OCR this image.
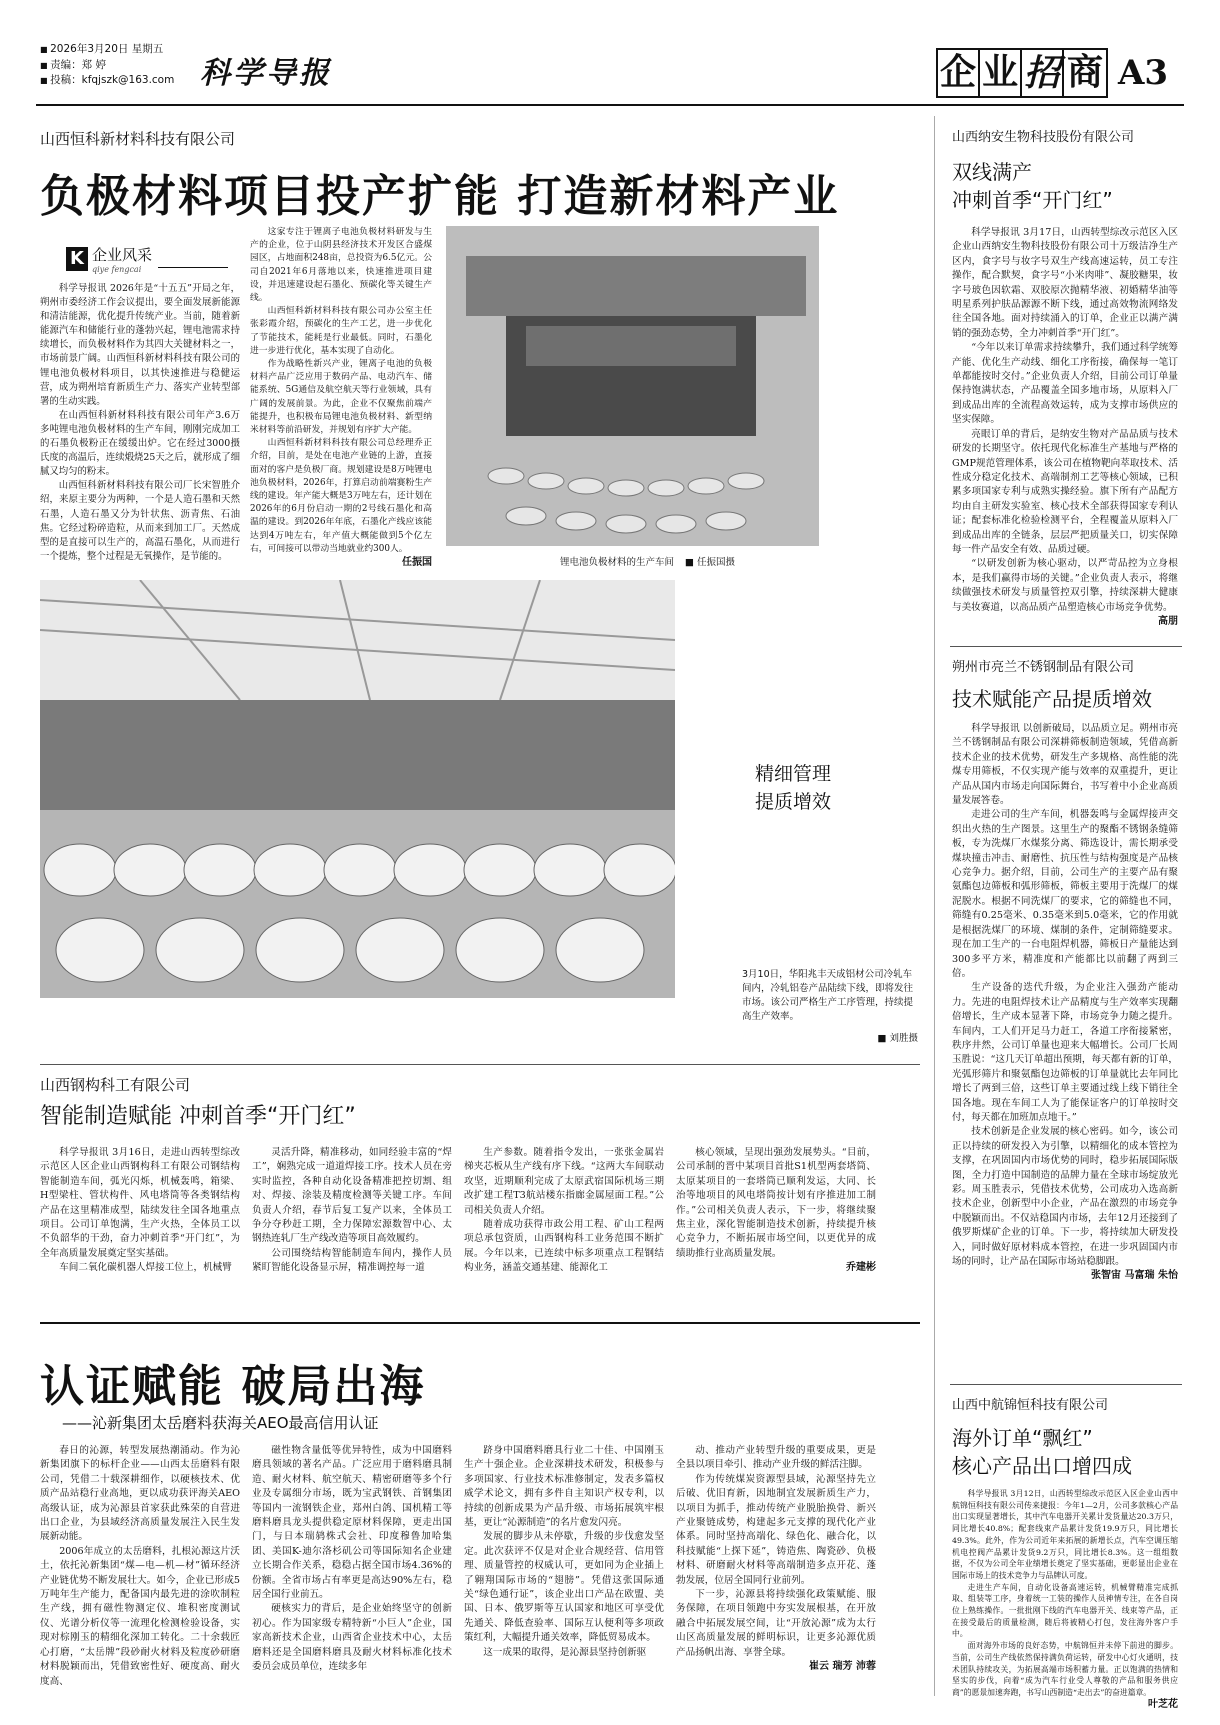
■ 2026年3月20日 星期五
■ 责编：郑 婷
■ 投稿：kfqjszk@163.com 科学导报	企 业 招 商 A3
山西恒科新材料科技有限公司
负极材料项目投产扩能 打造新材料产业
K 企业风采
qiye fengcai

科学导报讯 2026年是“十五五”开局之年，朔州市委经济工作会议提出，要全面发展新能源和清洁能源，优化提升传统产业。当前，随着新能源汽车和储能行业的蓬勃兴起，锂电池需求持续增长，而负极材料作为其四大关键材料之一，市场前景广阔。山西恒科新材料科技有限公司的锂电池负极材料项目，以其快速推进与稳健运营，成为朔州培育新质生产力、落实产业转型部署的生动实践。

在山西恒科新材料科技有限公司年产3.6万多吨锂电池负极材料的生产车间，刚刚完成加工的石墨负极粉正在缓缓出炉。它在经过3000摄氏度的高温后，连续煅烧25天之后，就形成了细腻又均匀的粉末。

山西恒科新材料科技有限公司厂长宋智胜介绍，来原主要分为两种，一个是人造石墨和天然石墨，人造石墨又分为针状焦、沥青焦、石油焦。它经过粉碎造粒，从而来到加工厂。天然成型的是直接可以生产的，高温石墨化，从而进行一个提炼，整个过程是无氧操作，是节能的。

这家专注于锂离子电池负极材料研发与生产的企业，位于山阴县经济技术开发区合盛煤园区，占地面积248亩，总投资为6.5亿元。公司自2021年6月落地以来，快速推进项目建设，并迅速建设起石墨化、预碳化等关键生产线。

山西恒科新材料科技有限公司办公室主任张彩霞介绍，预碳化的生产工艺，进一步优化了节能技术，能耗是行业最低。同时，石墨化进一步进行优化，基本实现了自动化。

作为战略性新兴产业，锂离子电池的负极材料产品广泛应用于数码产品、电动汽车、储能系统、5G通信及航空航天等行业领域，具有广阔的发展前景。为此，企业不仅聚焦前端产能提升，也积极布局锂电池负极材料、新型纳米材料等前沿研发，并规划有序扩大产能。

山西恒科新材料科技有限公司总经理乔正介绍，目前，是处在电池产业链的上游，直接面对的客户是负极厂商。规划建设是8万吨锂电池负极材料，2026年，打算启动前端赛粉生产线的建设。年产能大概是3万吨左右，还计划在2026年的6月份启动一期的2号线石墨化和高温的建设。到2026年年底，石墨化产线应该能达到4万吨左右，年产值大概能做到5个亿左右，可间接可以带动当地就业约300人。

任振国	锂电池负极材料的生产车间 ■ 任振国摄
精细管理
提质增效
3月10日，华阳兆丰天成铝材公司冷轧车间内，冷轧铝卷产品陆续下线，即将发往市场。该公司严格生产工序管理，持续提高生产效率。
■ 刘胜摄
山西钢构科工有限公司
智能制造赋能 冲刺首季“开门红”

科学导报讯 3月16日，走进山西转型综改示范区人区企业山西钢构科工有限公司钢结构智能制造车间，弧光闪烁，机械轰鸣，箱梁、H型梁柱、管状构件、风电塔筒等各类钢结构产品在这里精准成型，陆续发往全国各地重点项目。公司订单饱满，生产火热，全体员工以不负韶华的干劲，奋力冲刺首季“开门红”，为全年高质量发展奠定坚实基础。

车间二氧化碳机器人焊接工位上，机械臂

灵活升降，精准移动，如同经验丰富的“焊工”，娴熟完成一道道焊接工序。技术人员在旁实时监控，各种自动化设备精准把控切割、组对、焊接、涂装及精度检测等关键工序。车间负责人介绍，春节后复工复产以来，全体员工争分夺秒赶工期，全力保障宏源数智中心、太钢热连轧厂生产线改造等项目高效履约。

公司围绕结构智能制造车间内，操作人员紧盯智能化设备显示屏，精准调控每一道

生产参数。随着指令发出，一张张金属岩梯夹芯板从生产线有序下线。“这两大车间联动攻坚，近期顺利完成了太原武宿国际机场三期改扩建工程T3航站楼东指廊金属屋面工程。”公司相关负责人介绍。

随着成功获得市政公用工程、矿山工程两项总承包资质，山西钢构科工业务范围不断扩展。今年以来，已连续中标多项重点工程钢结构业务，涵盖交通基建、能源化工

核心领域，呈现出强劲发展势头。“目前，公司承制的晋中某项目首批S1机型两套塔筒、太原某项目的一套塔筒已顺利发运，大同、长治等地项目的风电塔筒按计划有序推进加工制作。”公司相关负责人表示，下一步，将继续聚焦主业，深化智能制造技术创新，持续提升核心竞争力，不断拓展市场空间，以更优异的成绩助推行业高质量发展。

乔建彬
认证赋能 破局出海
——沁新集团太岳磨料获海关AEO最高信用认证

春日的沁源，转型发展热潮涌动。作为沁新集团旗下的标杆企业——山西太岳磨料有限公司，凭借二十载深耕细作，以硬核技术、优质产品站稳行业高地，更以成功获评海关AEO高级认证，成为沁源县首家获此殊荣的自营进出口企业，为县域经济高质量发展注入民生发展新动能。

2006年成立的太岳磨料，扎根沁源这片沃土，依托沁新集团“煤—电—机—材”循环经济产业链优势不断发展壮大。如今，企业已形成5万吨年生产能力，配备国内最先进的涂吹制粒生产线，拥有磁性物测定仪、堆积密度测试仪、光谱分析仪等一流理化检测检验设备，实现对棕刚玉的精细化深加工转化。二十余载匠心打磨，“太岳牌”段砂耐火材料及粒度砂研磨材料脱颖而出，凭借致密性好、硬度高、耐火度高、

磁性物含量低等优异特性，成为中国磨料磨具领域的著名产品。广泛应用于磨料磨具制造、耐火材料、航空航天、精密研磨等多个行业及专属细分市场，既为宝武钢铁、首钢集团等国内一流钢铁企业，郑州白鸽、国机精工等磨料磨具龙头提供稳定原材料保障，更走出国门，与日本瑞鸫株式会社、印度穆鲁加哈集团、美国K-迪尔洛杉矶公司等国际知名企业建立长期合作关系，稳稳占据全国市场4.36%的份额。全省市场占有率更是高达90%左右，稳居全国行业前五。

硬核实力的背后，是企业始终坚守的创新初心。作为国家级专精特新“小巨人”企业，国家高新技术企业，山西省企业技术中心，太岳磨料还是全国磨料磨具及耐火材料标准化技术委员会成员单位，连续多年

跻身中国磨料磨具行业二十佳、中国刚玉生产十强企业。企业深耕技术研发，积极参与多项国家、行业技术标准修制定，发表多篇权威学术论文，拥有多件自主知识产权专利，以持续的创新成果为产品升级、市场拓展筑牢根基，更让“沁源制造”的名片愈发闪亮。

发展的脚步从未停歇，升级的步伐愈发坚定。此次获评不仅是对企业合规经营、信用管理、质量管控的权威认可，更如同为企业插上了翱翔国际市场的“翅膀”。凭借这张国际通关“绿色通行证”，该企业出口产品在欧盟、美国、日本、俄罗斯等互认国家和地区可享受优先通关、降低查验率、国际互认便利等多项政策红利，大幅提升通关效率，降低贸易成本。

这一成果的取得，是沁源县坚持创新驱

动、推动产业转型升级的重要成果，更是全县以项目牵引、推动产业升级的鲜活注脚。

作为传统煤炭资源型县域，沁源坚持先立后破、优旧育新，因地制宜发展新质生产力，以项目为抓手，推动传统产业脱胎换骨、新兴产业聚链成势，构建起多元支撑的现代化产业体系。同时坚持高端化、绿色化、融合化，以科技赋能“上探下延”，铸造焦、陶瓷砂、负极材料、研磨耐火材料等高端制造多点开花、蓬勃发展，位居全国同行业前列。

下一步，沁源县将持续强化政策赋能、服务保障，在项目领跑中夯实发展根基，在开放融合中拓展发展空间，让“开放沁源”成为太行山区高质量发展的鲜明标识，让更多沁源优质产品扬帆出海、享誉全球。

崔云 瑞芳 沛蓉
山西纳安生物科技股份有限公司
双线满产
冲刺首季“开门红”

科学导报讯 3月17日，山西转型综改示范区入区企业山西纳安生物科技股份有限公司十万级洁净生产区内，食字号与妆字号双生产线高速运转，员工专注操作，配合默契，食字号“小米肉啡”、凝胶糖果，妆字号玻色因软霜、双胶原次抛精华液、初婚精华油等明星系列护肤品源源不断下线，通过高效物流网络发往全国各地。面对持续涌入的订单，企业正以满产满销的强劲态势，全力冲刺首季“开门红”。

“今年以来订单需求持续攀升，我们通过科学统筹产能、优化生产动线、细化工序衔接，确保每一笔订单都能按时交付。”企业负责人介绍，目前公司订单量保持饱满状态，产品覆盖全国多地市场，从原料入厂到成品出库的全流程高效运转，成为支撑市场供应的坚实保障。

亮眼订单的背后，是纳安生物对产品品质与技术研发的长期坚守。依托现代化标准生产基地与严格的GMP规范管理体系，该公司在植物靶向萃取技术、活性成分稳定化技术、高端制剂工艺等核心领域，已积累多项国家专利与成熟实操经验。旗下所有产品配方均由自主研发实验室、核心技术全部获得国家专利认证；配套标准化检验检测平台，全程覆盖从原料入厂到成品出库的全链条，层层严把质量关口，切实保障每一件产品安全有效、品质过硬。

“以研发创新为核心驱动，以严苛品控为立身根本，是我们赢得市场的关键。”企业负责人表示，将继续做强技术研发与质量管控双引擎，持续深耕大健康与美妆赛道，以高品质产品塑造核心市场竞争优势。

高朋
朔州市亮兰不锈钢制品有限公司
技术赋能产品提质增效

科学导报讯 以创新破局，以品质立足。朔州市亮兰不锈钢制品有限公司深耕筛板制造领域，凭借高新技术企业的技术优势，研发生产多规格、高性能的洗煤专用筛板，不仅实现产能与效率的双重提升，更让产品从国内市场走向国际舞台，书写着中小企业高质量发展答卷。

走进公司的生产车间，机器轰鸣与金属焊接声交织出火热的生产图景。这里生产的聚酯不锈钢条缝筛板，专为洗煤厂水煤浆分离、筛选设计，需长期承受煤块撞击冲击、耐磨性、抗压性与结构强度是产品核心竞争力。据介绍，目前，公司生产的主要产品有聚氨酯包边筛板和弧形筛板，筛板主要用于洗煤厂的煤泥脱水。根据不同洗煤厂的要求，它的筛缝也不同，筛缝有0.25毫米、0.35毫米到5.0毫米，它的作用就是根据洗煤厂的环境、煤制的条件，定制筛缝要求。现在加工生产的一台电阻焊机器，筛板日产量能达到300多平方米，精准度和产能都比以前翻了两到三倍。

生产设备的迭代升级，为企业注入强劲产能动力。先进的电阻焊技术让产品精度与生产效率实现翻倍增长，生产成本显著下降，市场竞争力随之提升。车间内，工人们开足马力赶工，各道工序衔接紧密，秩序井然，公司订单量也迎来大幅增长。公司厂长周玉胜说：“这几天订单超出预期，每天都有新的订单，光弧形筛片和聚氨酯包边筛板的订单量就比去年同比增长了两到三倍，这些订单主要通过线上线下销往全国各地。现在车间工人为了能保证客户的订单按时交付，每天都在加班加点地干。”

技术创新是企业发展的核心密码。如今，该公司正以持续的研发投入为引擎，以精细化的成本管控为支撑，在巩固国内市场优势的同时，稳步拓展国际版图，全力打造中国制造的品牌力量在全球市场绽放光彩。周玉胜表示，凭借技术优势，公司成功入选高新技术企业，创新型中小企业，产品在激烈的市场竞争中脱颖而出。不仅站稳国内市场，去年12月还接到了俄罗斯煤矿企业的订单。下一步，将持续加大研发投入，同时做好原材料成本管控，在进一步巩固国内市场的同时，让产品在国际市场站稳脚跟。

张智宙 马富瑞 朱怡
山西中航锦恒科技有限公司
海外订单“飘红”
核心产品出口增四成

科学导报讯 3月12日，山西转型综改示范区入区企业山西中航锦恒科技有限公司传来捷报：今年1—2月，公司多款核心产品出口实现显著增长，其中汽车电器开关累计发货量达20.3万只，同比增长40.8%；配套线束产品累计发货19.9万只，同比增长49.3%。此外，作为公司近年来拓展的新增长点，汽车空调压缩机电控阀产品累计发货9.2万只，同比增长8.3%。这一组组数据，不仅为公司全年业绩增长奠定了坚实基础，更彰显出企业在国际市场上的技术竞争力与品牌认可度。

走进生产车间，自动化设备高速运转，机械臂精准完成抓取、组装等工序，身着统一工装的操作人员神情专注，在各自岗位上熟练操作。一批批刚下线的汽车电器开关、线束等产品，正在接受最后的质量检测，随后将被精心打包，发往海外客户手中。

面对海外市场的良好态势，中航锦恒并未停下前进的脚步。当前，公司生产线依然保持满负荷运转，研发中心灯火通明，技术团队持续攻关，为拓展高端市场积蓄力量。正以饱满的热情和坚实的步伐，向着“成为汽车行业受人尊敬的产品和服务供应商”的愿景加速奔跑，书写山西制造“走出去”的奋进篇章。

叶芝花
